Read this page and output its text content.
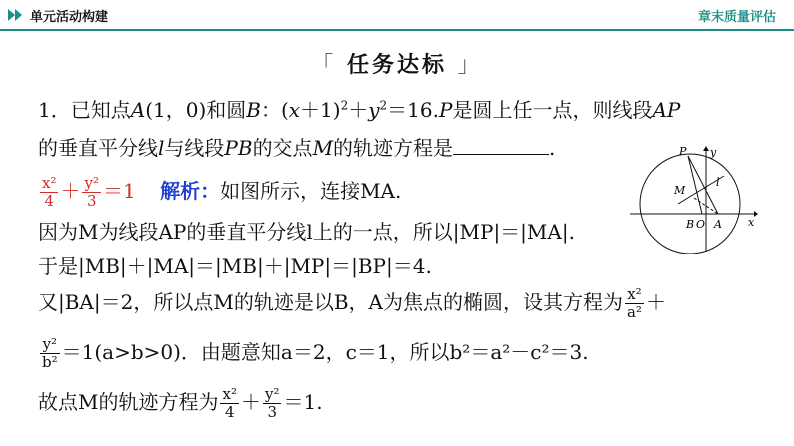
单元活动构建	章末质量评估
「 任务达标 」
1．已知点A(1，0)和圆B：$(x+1)^2+y^2=16.P$是圆上任一点，则线段AP
的垂直平分线l与线段PB的交点M的轨迹方程是	.
$\frac{\text{x²}}{4} + \frac{\text{y²}}{3} =1$ 解析：如图所示，连接MA.
因为M为线段AP的垂直平分线l上的一点，所以|MP|＝|MA|.
于是|MB|＋|MA|＝|MB|＋|MP|＝|BP|＝4.
又|BA|＝2，所以点M的轨迹是以B，A为焦点的椭圆，设其方程为 $\frac{\text{x²}}{\text{a²}}$ ＋
$\frac{\text{y²}}{\text{b²}} =1(a>b>0)$．由题意知a＝2，c＝1，所以b²＝a²－c²＝3.
故点M的轨迹方程为 $\frac{\text{x²}}{4} + \frac{\text{y²}}{3} =1$.
P y
M
l
B O A x
